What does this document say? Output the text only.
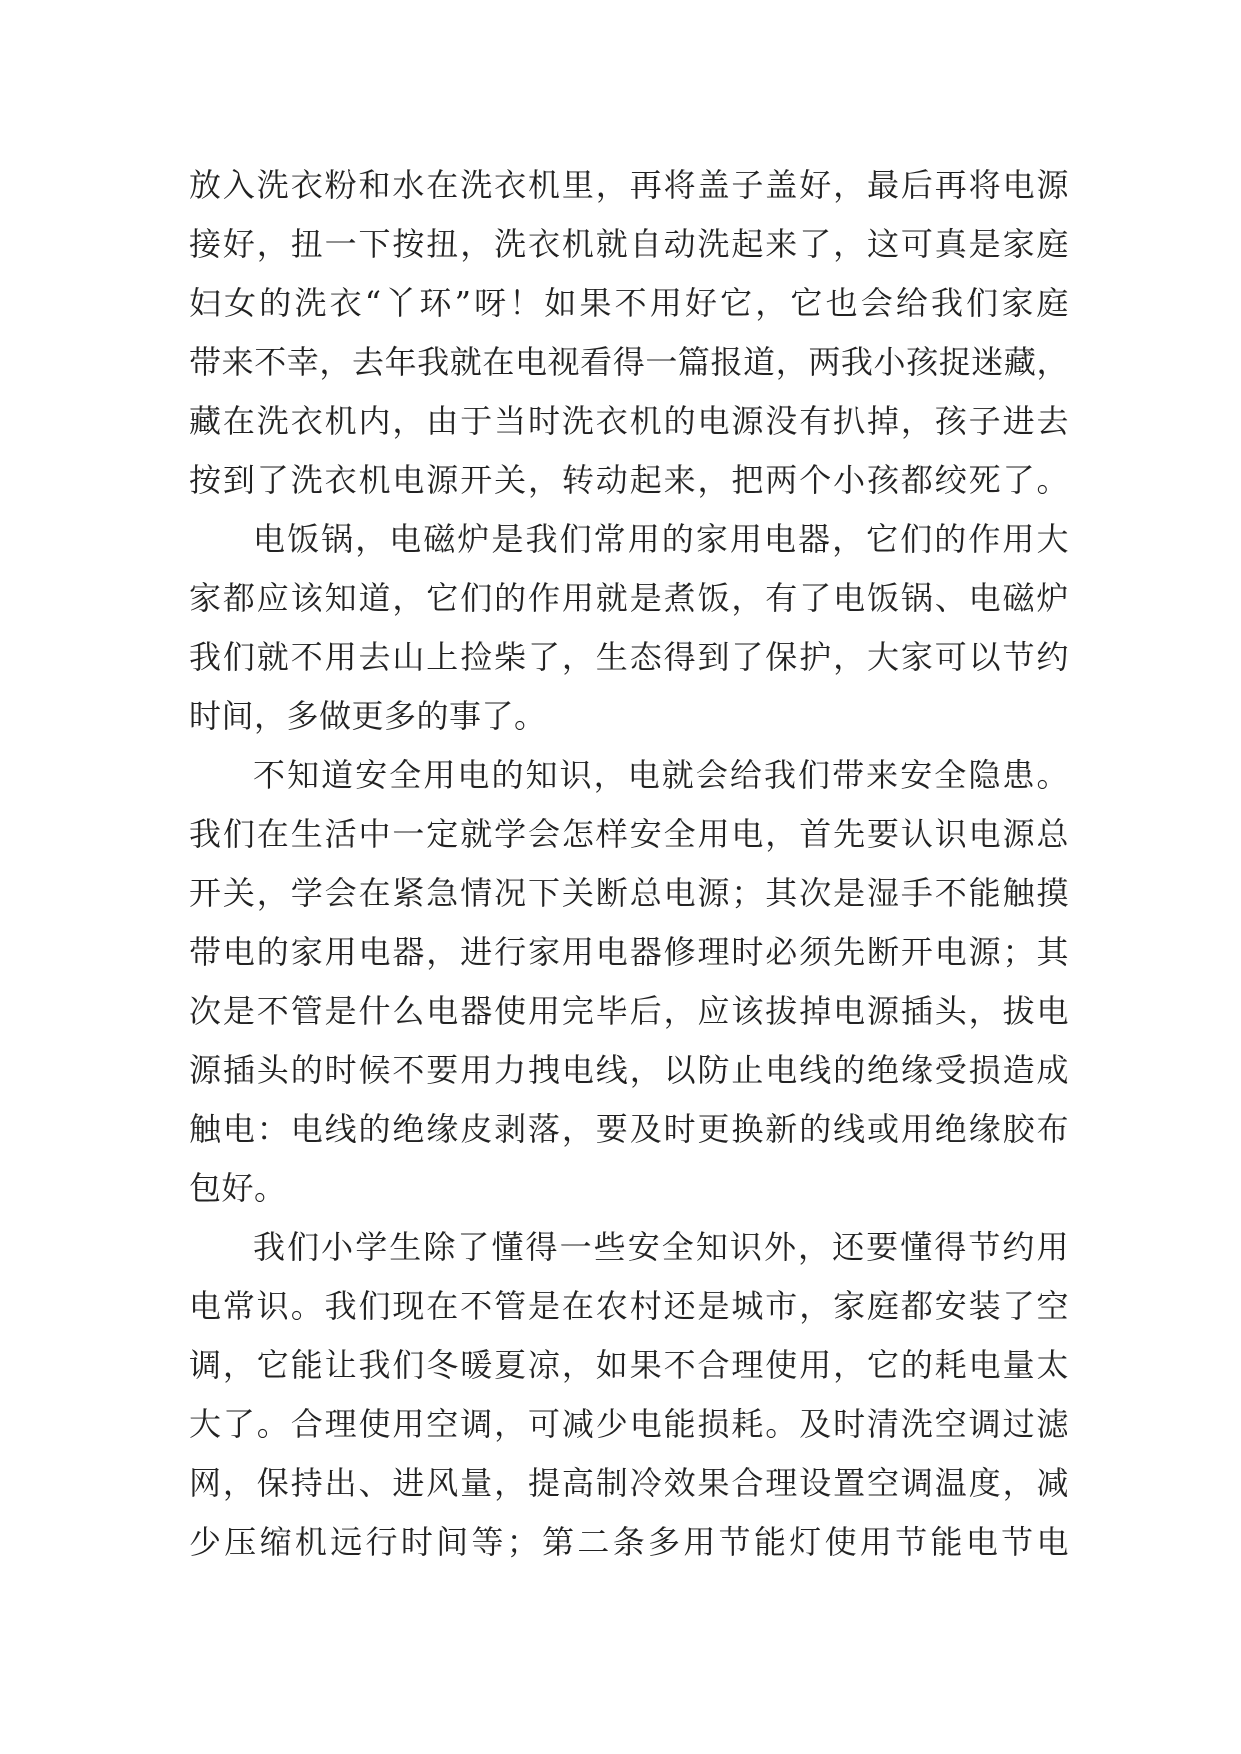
放入洗衣粉和水在洗衣机里，再将盖子盖好，最后再将电源
接好，扭一下按扭，洗衣机就自动洗起来了，这可真是家庭
妇女的洗衣“丫环”呀！如果不用好它，它也会给我们家庭
带来不幸，去年我就在电视看得一篇报道，两我小孩捉迷藏，
藏在洗衣机内，由于当时洗衣机的电源没有扒掉，孩子进去
按到了洗衣机电源开关，转动起来，把两个小孩都绞死了。
电饭锅，电磁炉是我们常用的家用电器，它们的作用大
家都应该知道，它们的作用就是煮饭，有了电饭锅、电磁炉
我们就不用去山上捡柴了，生态得到了保护，大家可以节约
时间，多做更多的事了。
不知道安全用电的知识，电就会给我们带来安全隐患。
我们在生活中一定就学会怎样安全用电，首先要认识电源总
开关，学会在紧急情况下关断总电源；其次是湿手不能触摸
带电的家用电器，进行家用电器修理时必须先断开电源；其
次是不管是什么电器使用完毕后，应该拔掉电源插头，拔电
源插头的时候不要用力拽电线，以防止电线的绝缘受损造成
触电：电线的绝缘皮剥落，要及时更换新的线或用绝缘胶布
包好。
我们小学生除了懂得一些安全知识外，还要懂得节约用
电常识。我们现在不管是在农村还是城市，家庭都安装了空
调，它能让我们冬暖夏凉，如果不合理使用，它的耗电量太
大了。合理使用空调，可减少电能损耗。及时清洗空调过滤
网，保持出、进风量，提高制冷效果合理设置空调温度，减
少压缩机远行时间等；第二条多用节能灯使用节能电节电
